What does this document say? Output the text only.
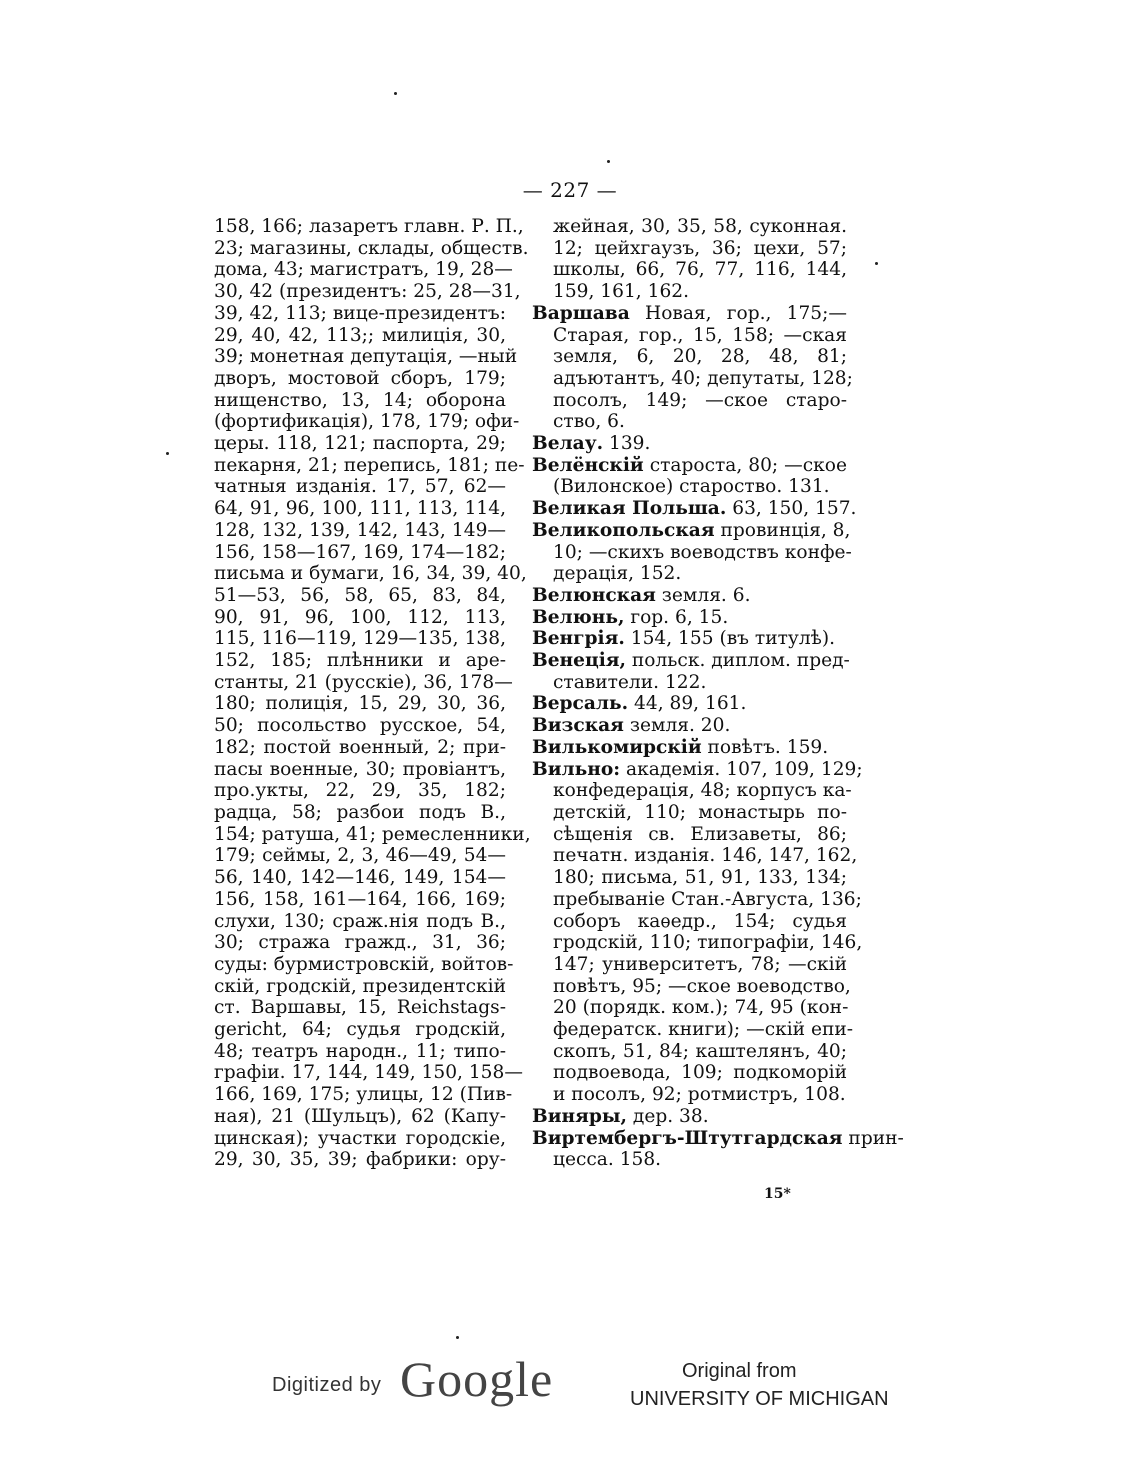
— 227 —
158, 166; лазаретъ главн. Р. П.,
23; магазины, склады, обществ.
дома, 43; магистратъ, 19, 28—
30, 42 (президентъ: 25, 28—31,
39, 42, 113; вице-президентъ:
29, 40, 42, 113;; милиція, 30,
39; монетная депутація, —ный
дворъ, мостовой сборъ, 179;
нищенство, 13, 14; оборона
(фортификація), 178, 179; офи-
церы. 118, 121; паспорта, 29;
пекарня, 21; перепись, 181; пе-
чатныя изданія. 17, 57, 62—
64, 91, 96, 100, 111, 113, 114,
128, 132, 139, 142, 143, 149—
156, 158—167, 169, 174—182;
письма и бумаги, 16, 34, 39, 40,
51—53, 56, 58, 65, 83, 84,
90, 91, 96, 100, 112, 113,
115, 116—119, 129—135, 138,
152, 185; плѣнники и аре-
станты, 21 (русскіе), 36, 178—
180; полиція, 15, 29, 30, 36,
50; посольство русское, 54,
182; постой военный, 2; при-
пасы военные, 30; провіантъ,
про.укты, 22, 29, 35, 182;
радца, 58; разбои подъ В.,
154; ратуша, 41; ремесленники,
179; сеймы, 2, 3, 46—49, 54—
56, 140, 142—146, 149, 154—
156, 158, 161—164, 166, 169;
слухи, 130; сраж.нія подъ В.,
30; стража гражд., 31, 36;
суды: бурмистровскій, войтов-
скій, гродскій, президентскій
ст. Варшавы, 15, Reichstags-
gericht, 64; судья гродскій,
48; театръ народн., 11; типо-
графіи. 17, 144, 149, 150, 158—
166, 169, 175; улицы, 12 (Пив-
ная), 21 (Шульцъ), 62 (Капу-
цинская); участки городскіе,
29, 30, 35, 39; фабрики: ору-
жейная, 30, 35, 58, суконная.
12; цейхгаузъ, 36; цехи, 57;
школы, 66, 76, 77, 116, 144,
159, 161, 162.
Варшава Новая, гор., 175;—
Старая, гор., 15, 158; —ская
земля, 6, 20, 28, 48, 81;
адъютантъ, 40; депутаты, 128;
посолъ, 149; —ское старо-
ство, 6.
Велау. 139.
Велёнскій староста, 80; —ское
(Вилонское) староство. 131.
Великая Польша. 63, 150, 157.
Великопольская провинція, 8,
10; —скихъ воеводствъ конфе-
дерація, 152.
Велюнская земля. 6.
Велюнь, гор. 6, 15.
Венгрія. 154, 155 (въ титулѣ).
Венеція, польск. диплом. пред-
ставители. 122.
Версаль. 44, 89, 161.
Визская земля. 20.
Вилькомирскій повѣтъ. 159.
Вильно: академія. 107, 109, 129;
конфедерація, 48; корпусъ ка-
детскій, 110; монастырь по-
сѣщенія св. Елизаветы, 86;
печатн. изданія. 146, 147, 162,
180; письма, 51, 91, 133, 134;
пребываніе Стан.-Августа, 136;
соборъ каѳедр., 154; судья
гродскій, 110; типографіи, 146,
147; университетъ, 78; —скій
повѣтъ, 95; —ское воеводство,
20 (порядк. ком.); 74, 95 (кон-
федератск. книги); —скій епи-
скопъ, 51, 84; каштелянъ, 40;
подвоевода, 109; подкоморій
и посолъ, 92; ротмистръ, 108.
Виняры, дер. 38.
Виртембергъ-Штутгардская прин-
цесса. 158.
15*
Digitized by Google	Original from
UNIVERSITY OF MICHIGAN
